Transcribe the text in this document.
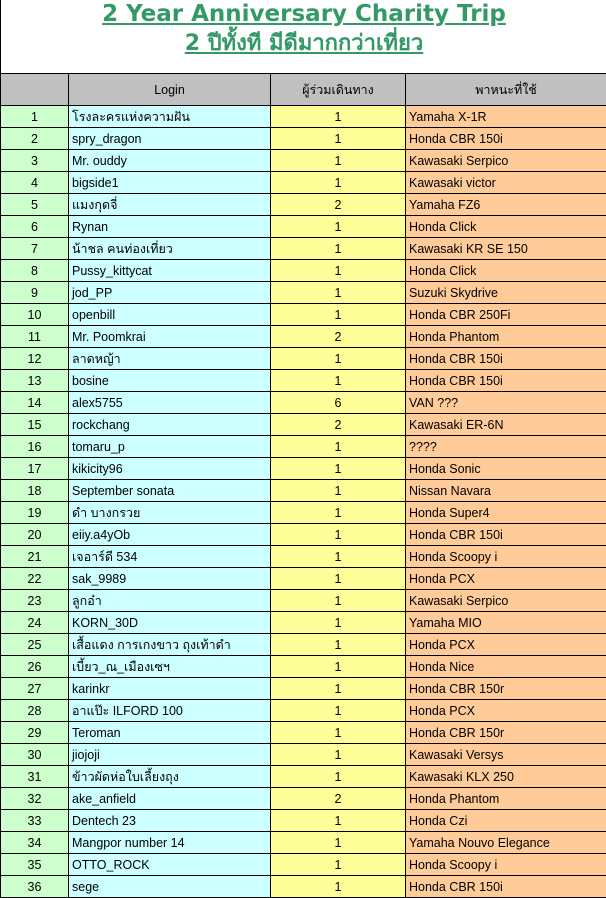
2 Year Anniversary Charity Trip
2 ปีทั้งที มีดีมากกว่าเที่ยว
	Login	ผู้ร่วมเดินทาง	พาหนะที่ใช้
1	โรงละครแห่งความฝัน	1	Yamaha X-1R
2	spry_dragon	1	Honda CBR 150i
3	Mr. ouddy	1	Kawasaki Serpico
4	bigside1	1	Kawasaki victor
5	แมงกุดจี่	2	Yamaha FZ6
6	Rynan	1	Honda Click
7	น้าชล คนท่องเที่ยว	1	Kawasaki KR SE 150
8	Pussy_kittycat	1	Honda Click
9	jod_PP	1	Suzuki Skydrive
10	openbill	1	Honda CBR 250Fi
11	Mr. Poomkrai	2	Honda Phantom
12	ลาดหญ้า	1	Honda CBR 150i
13	bosine	1	Honda CBR 150i
14	alex5755	6	VAN ???
15	rockchang	2	Kawasaki ER-6N
16	tomaru_p	1	????
17	kikicity96	1	Honda Sonic
18	September sonata	1	Nissan Navara
19	ดำ บางกรวย	1	Honda Super4
20	eiiy.a4yOb	1	Honda CBR 150i
21	เจอาร์ดี 534	1	Honda Scoopy i
22	sak_9989	1	Honda PCX
23	ลูกอ๋า	1	Kawasaki Serpico
24	KORN_30D	1	Yamaha MIO
25	เสื้อแดง การเกงขาว ถุงเท้าดำ	1	Honda PCX
26	เบี้ยว_ณ_เมืองเซฯ	1	Honda Nice
27	karinkr	1	Honda CBR 150r
28	อาแป๊ะ ILFORD 100	1	Honda PCX
29	Teroman	1	Honda CBR 150r
30	jiojoji	1	Kawasaki Versys
31	ข้าวผัดห่อใบเลี้ยงถุง	1	Kawasaki KLX 250
32	ake_anfield	2	Honda Phantom
33	Dentech 23	1	Honda Czi
34	Mangpor number 14	1	Yamaha Nouvo Elegance
35	OTTO_ROCK	1	Honda Scoopy i
36	sege	1	Honda CBR 150i
